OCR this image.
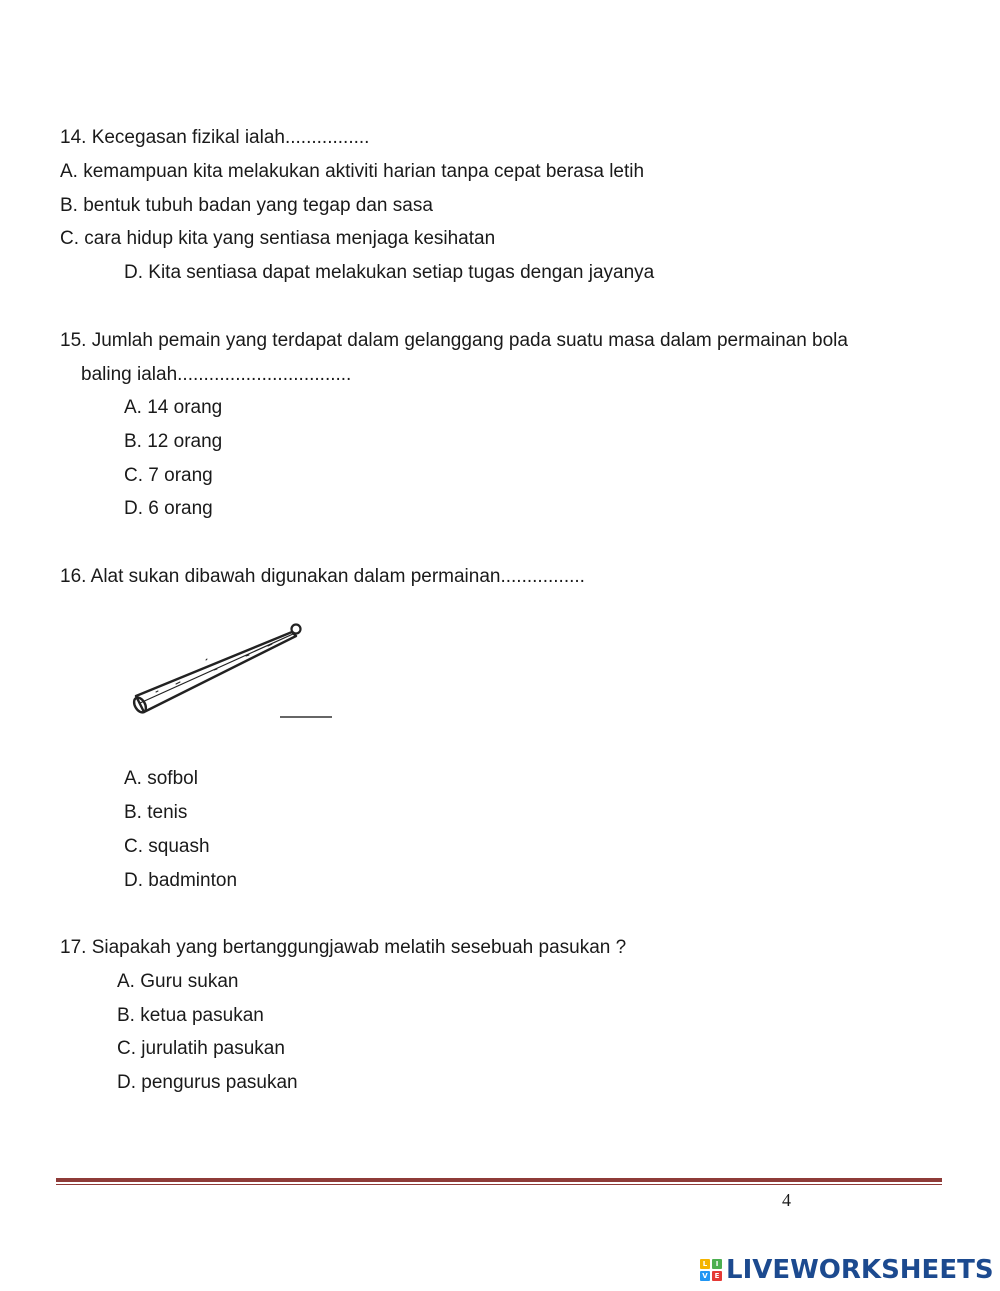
14. Kecegasan fizikal ialah................
A. kemampuan kita melakukan aktiviti harian tanpa cepat berasa letih
B. bentuk tubuh badan yang tegap dan sasa
C. cara hidup kita yang sentiasa menjaga kesihatan
D. Kita sentiasa dapat melakukan setiap tugas dengan jayanya
15. Jumlah pemain yang terdapat dalam gelanggang pada suatu masa dalam permainan bola
baling ialah.................................
A. 14 orang
B. 12 orang
C. 7 orang
D. 6 orang
16. Alat sukan dibawah digunakan dalam permainan................
A. sofbol
B. tenis
C. squash
D. badminton
17. Siapakah yang bertanggungjawab melatih sesebuah pasukan ?
A. Guru sukan
B. ketua pasukan
C. jurulatih pasukan
D. pengurus pasukan
4
L	I
V E LIVEWORKSHEETS
